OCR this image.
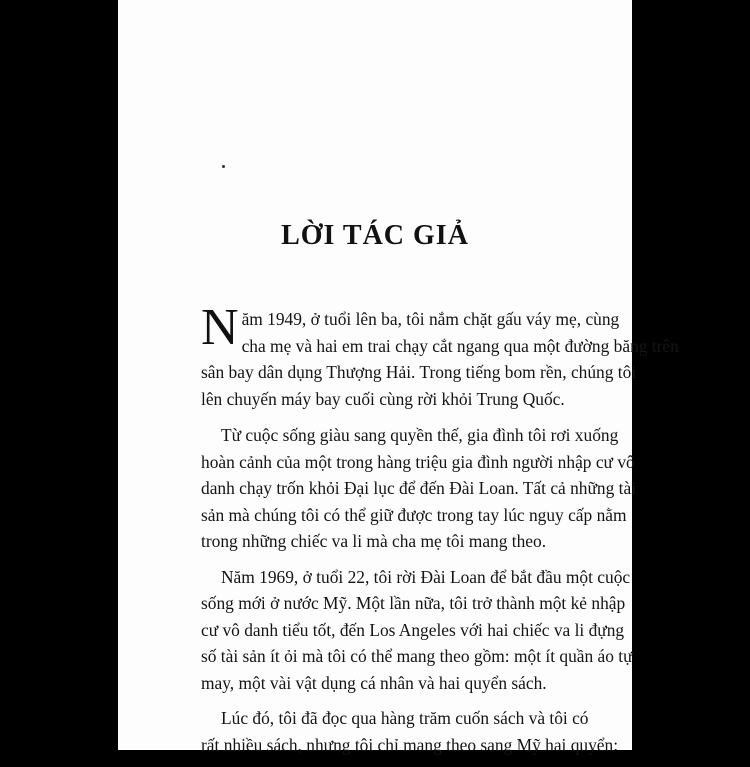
LỜI TÁC GIẢ

N ăm 1949, ở tuổi lên ba, tôi nắm chặt gấu váy mẹ, cùng
cha mẹ và hai em trai chạy cắt ngang qua một đường băng trên
sân bay dân dụng Thượng Hải. Trong tiếng bom rền, chúng tôi
lên chuyến máy bay cuối cùng rời khỏi Trung Quốc.

Từ cuộc sống giàu sang quyền thế, gia đình tôi rơi xuống
hoàn cảnh của một trong hàng triệu gia đình người nhập cư vô
danh chạy trốn khỏi Đại lục để đến Đài Loan. Tất cả những tài
sản mà chúng tôi có thể giữ được trong tay lúc nguy cấp nằm
trong những chiếc va li mà cha mẹ tôi mang theo.

Năm 1969, ở tuổi 22, tôi rời Đài Loan để bắt đầu một cuộc
sống mới ở nước Mỹ. Một lần nữa, tôi trở thành một kẻ nhập
cư vô danh tiểu tốt, đến Los Angeles với hai chiếc va li đựng
số tài sản ít ỏi mà tôi có thể mang theo gồm: một ít quần áo tự
may, một vài vật dụng cá nhân và hai quyển sách.

Lúc đó, tôi đã đọc qua hàng trăm cuốn sách và tôi có
rất nhiều sách, nhưng tôi chỉ mang theo sang Mỹ hai quyển:
